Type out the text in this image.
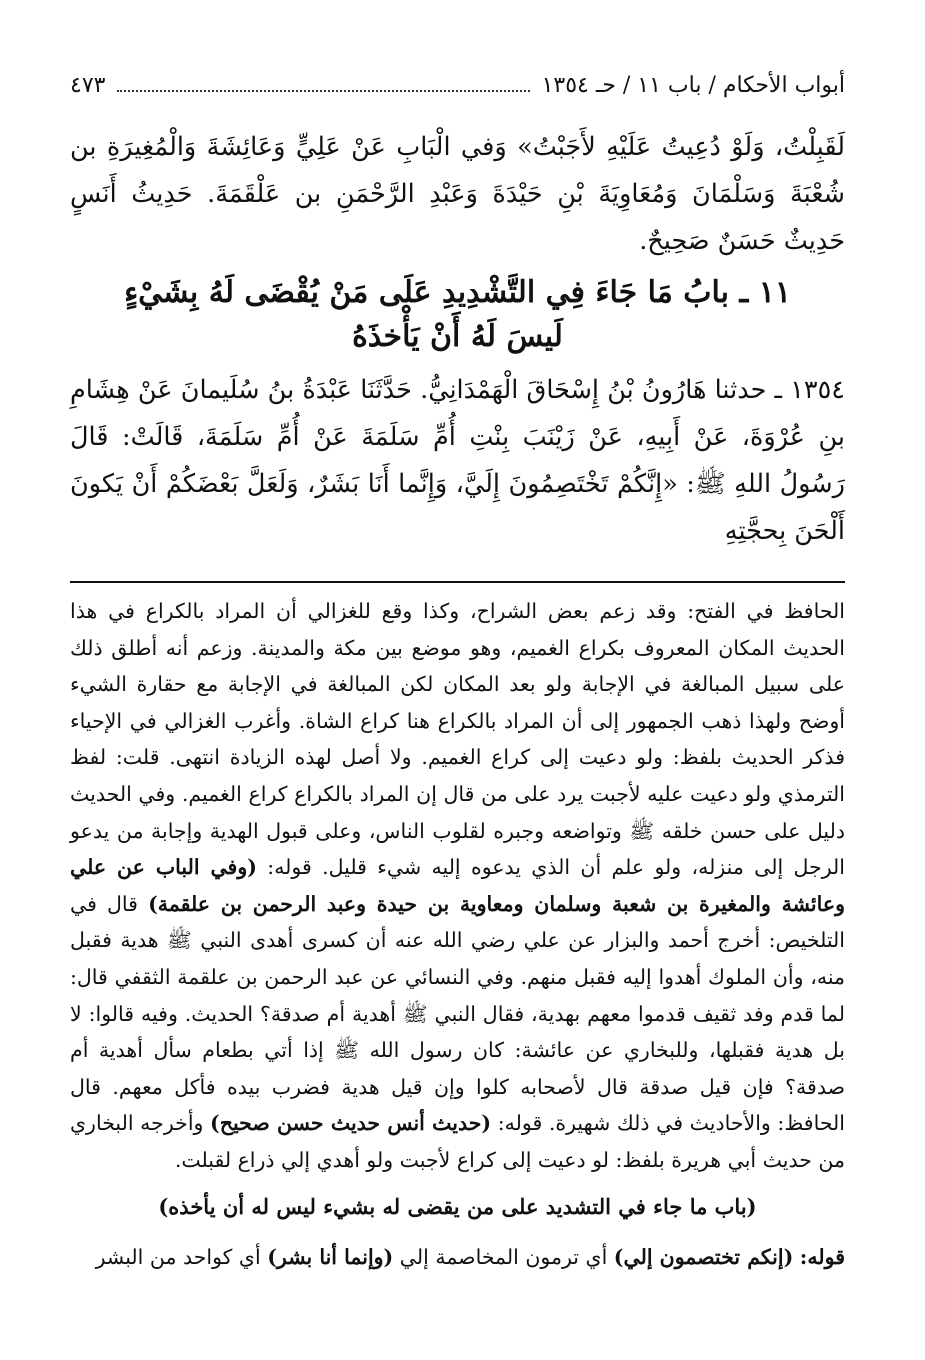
أبواب الأحكام / باب ١١ / حـ ١٣٥٤
٤٧٣

لَقَبِلْتُ، وَلَوْ دُعِيتُ عَلَيْهِ لأَجَبْتُ» وَفي الْبَابِ عَنْ عَلِيٍّ وَعَائِشَةَ وَالْمُغِيرَةِ بن شُعْبَةَ وَسَلْمَانَ وَمُعَاوِيَةَ بْنِ حَيْدَةَ وَعَبْدِ الرَّحْمَنِ بن عَلْقَمَةَ. حَدِيثُ أَنَسٍ حَدِيثٌ حَسَنٌ صَحِيحٌ.

١١ ـ بابُ مَا جَاءَ فِي التَّشْدِيدِ عَلَى مَنْ يُقْضَى لَهُ بِشَيْءٍ
لَيسَ لَهُ أَنْ يَأْخذَهُ

١٣٥٤ ـ حدثنا هَارُونُ بْنُ إِسْحَاقَ الْهَمْدَانِيُّ. حَدَّثَنَا عَبْدَةُ بنُ سُلَيمانَ عَنْ هِشَامِ بنِ عُرْوَةَ، عَنْ أَبِيهِ، عَنْ زَيْنَبَ بِنْتِ أُمِّ سَلَمَةَ عَنْ أُمِّ سَلَمَةَ، قَالَتْ: قَالَ رَسُولُ اللهِ ﷺ: «إِنَّكُمْ تَخْتَصِمُونَ إِلَيَّ، وَإِنَّما أَنَا بَشَرٌ، وَلَعَلَّ بَعْضَكُمْ أَنْ يَكونَ أَلْحَنَ بِحجَّتِهِ

الحافظ في الفتح: وقد زعم بعض الشراح، وكذا وقع للغزالي أن المراد بالكراع في هذا الحديث المكان المعروف بكراع الغميم، وهو موضع بين مكة والمدينة. وزعم أنه أطلق ذلك على سبيل المبالغة في الإجابة ولو بعد المكان لكن المبالغة في الإجابة مع حقارة الشيء أوضح ولهذا ذهب الجمهور إلى أن المراد بالكراع هنا كراع الشاة. وأغرب الغزالي في الإحياء فذكر الحديث بلفظ: ولو دعيت إلى كراع الغميم. ولا أصل لهذه الزيادة انتهى. قلت: لفظ الترمذي ولو دعيت عليه لأجبت يرد على من قال إن المراد بالكراع كراع الغميم. وفي الحديث دليل على حسن خلقه ﷺ وتواضعه وجبره لقلوب الناس، وعلى قبول الهدية وإجابة من يدعو الرجل إلى منزله، ولو علم أن الذي يدعوه إليه شيء قليل. قوله: (وفي الباب عن علي وعائشة والمغيرة بن شعبة وسلمان ومعاوية بن حيدة وعبد الرحمن بن علقمة) قال في التلخيص: أخرج أحمد والبزار عن علي رضي الله عنه أن كسرى أهدى النبي ﷺ هدية فقبل منه، وأن الملوك أهدوا إليه فقبل منهم. وفي النسائي عن عبد الرحمن بن علقمة الثقفي قال: لما قدم وفد ثقيف قدموا معهم بهدية، فقال النبي ﷺ أهدية أم صدقة؟ الحديث. وفيه قالوا: لا بل هدية فقبلها، وللبخاري عن عائشة: كان رسول الله ﷺ إذا أتي بطعام سأل أهدية أم صدقة؟ فإن قيل صدقة قال لأصحابه كلوا وإن قيل هدية فضرب بيده فأكل معهم. قال الحافظ: والأحاديث في ذلك شهيرة. قوله: (حديث أنس حديث حسن صحيح) وأخرجه البخاري من حديث أبي هريرة بلفظ: لو دعيت إلى كراع لأجبت ولو أهدي إلي ذراع لقبلت.

(باب ما جاء في التشديد على من يقضى له بشيء ليس له أن يأخذه)

قوله: (إنكم تختصمون إلي) أي ترمون المخاصمة إلي (وإنما أنا بشر) أي كواحد من البشر
